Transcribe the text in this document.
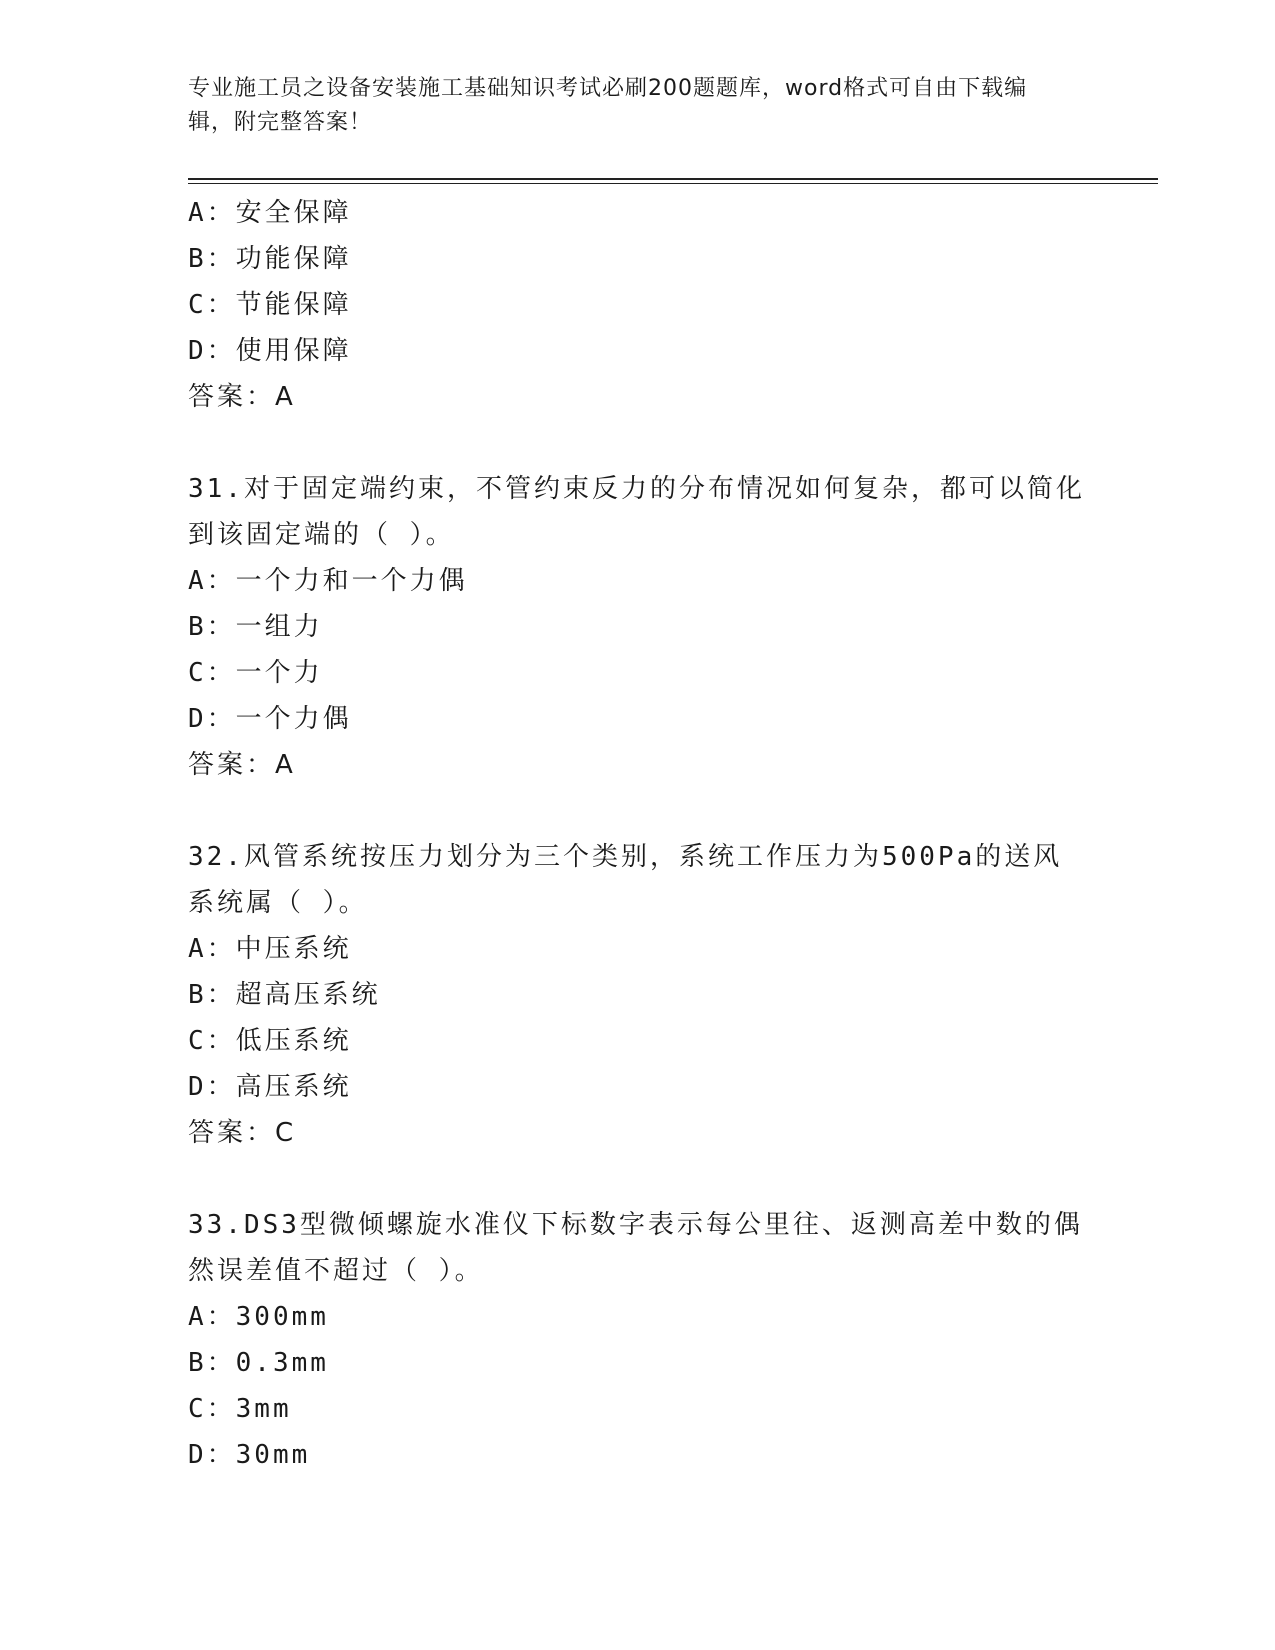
专业施工员之设备安装施工基础知识考试必刷200题题库，word格式可自由下载编辑，附完整答案！
A：安全保障
B：功能保障
C：节能保障
D：使用保障
答案：A
31.对于固定端约束，不管约束反力的分布情况如何复杂，都可以简化到该固定端的（ ）。
A：一个力和一个力偶
B：一组力
C：一个力
D：一个力偶
答案：A
32.风管系统按压力划分为三个类别，系统工作压力为500Pa的送风系统属（ ）。
A：中压系统
B：超高压系统
C：低压系统
D：高压系统
答案：C
33.DS3型微倾螺旋水准仪下标数字表示每公里往、返测高差中数的偶然误差值不超过（ ）。
A：300mm
B：0.3mm
C：3mm
D：30mm
